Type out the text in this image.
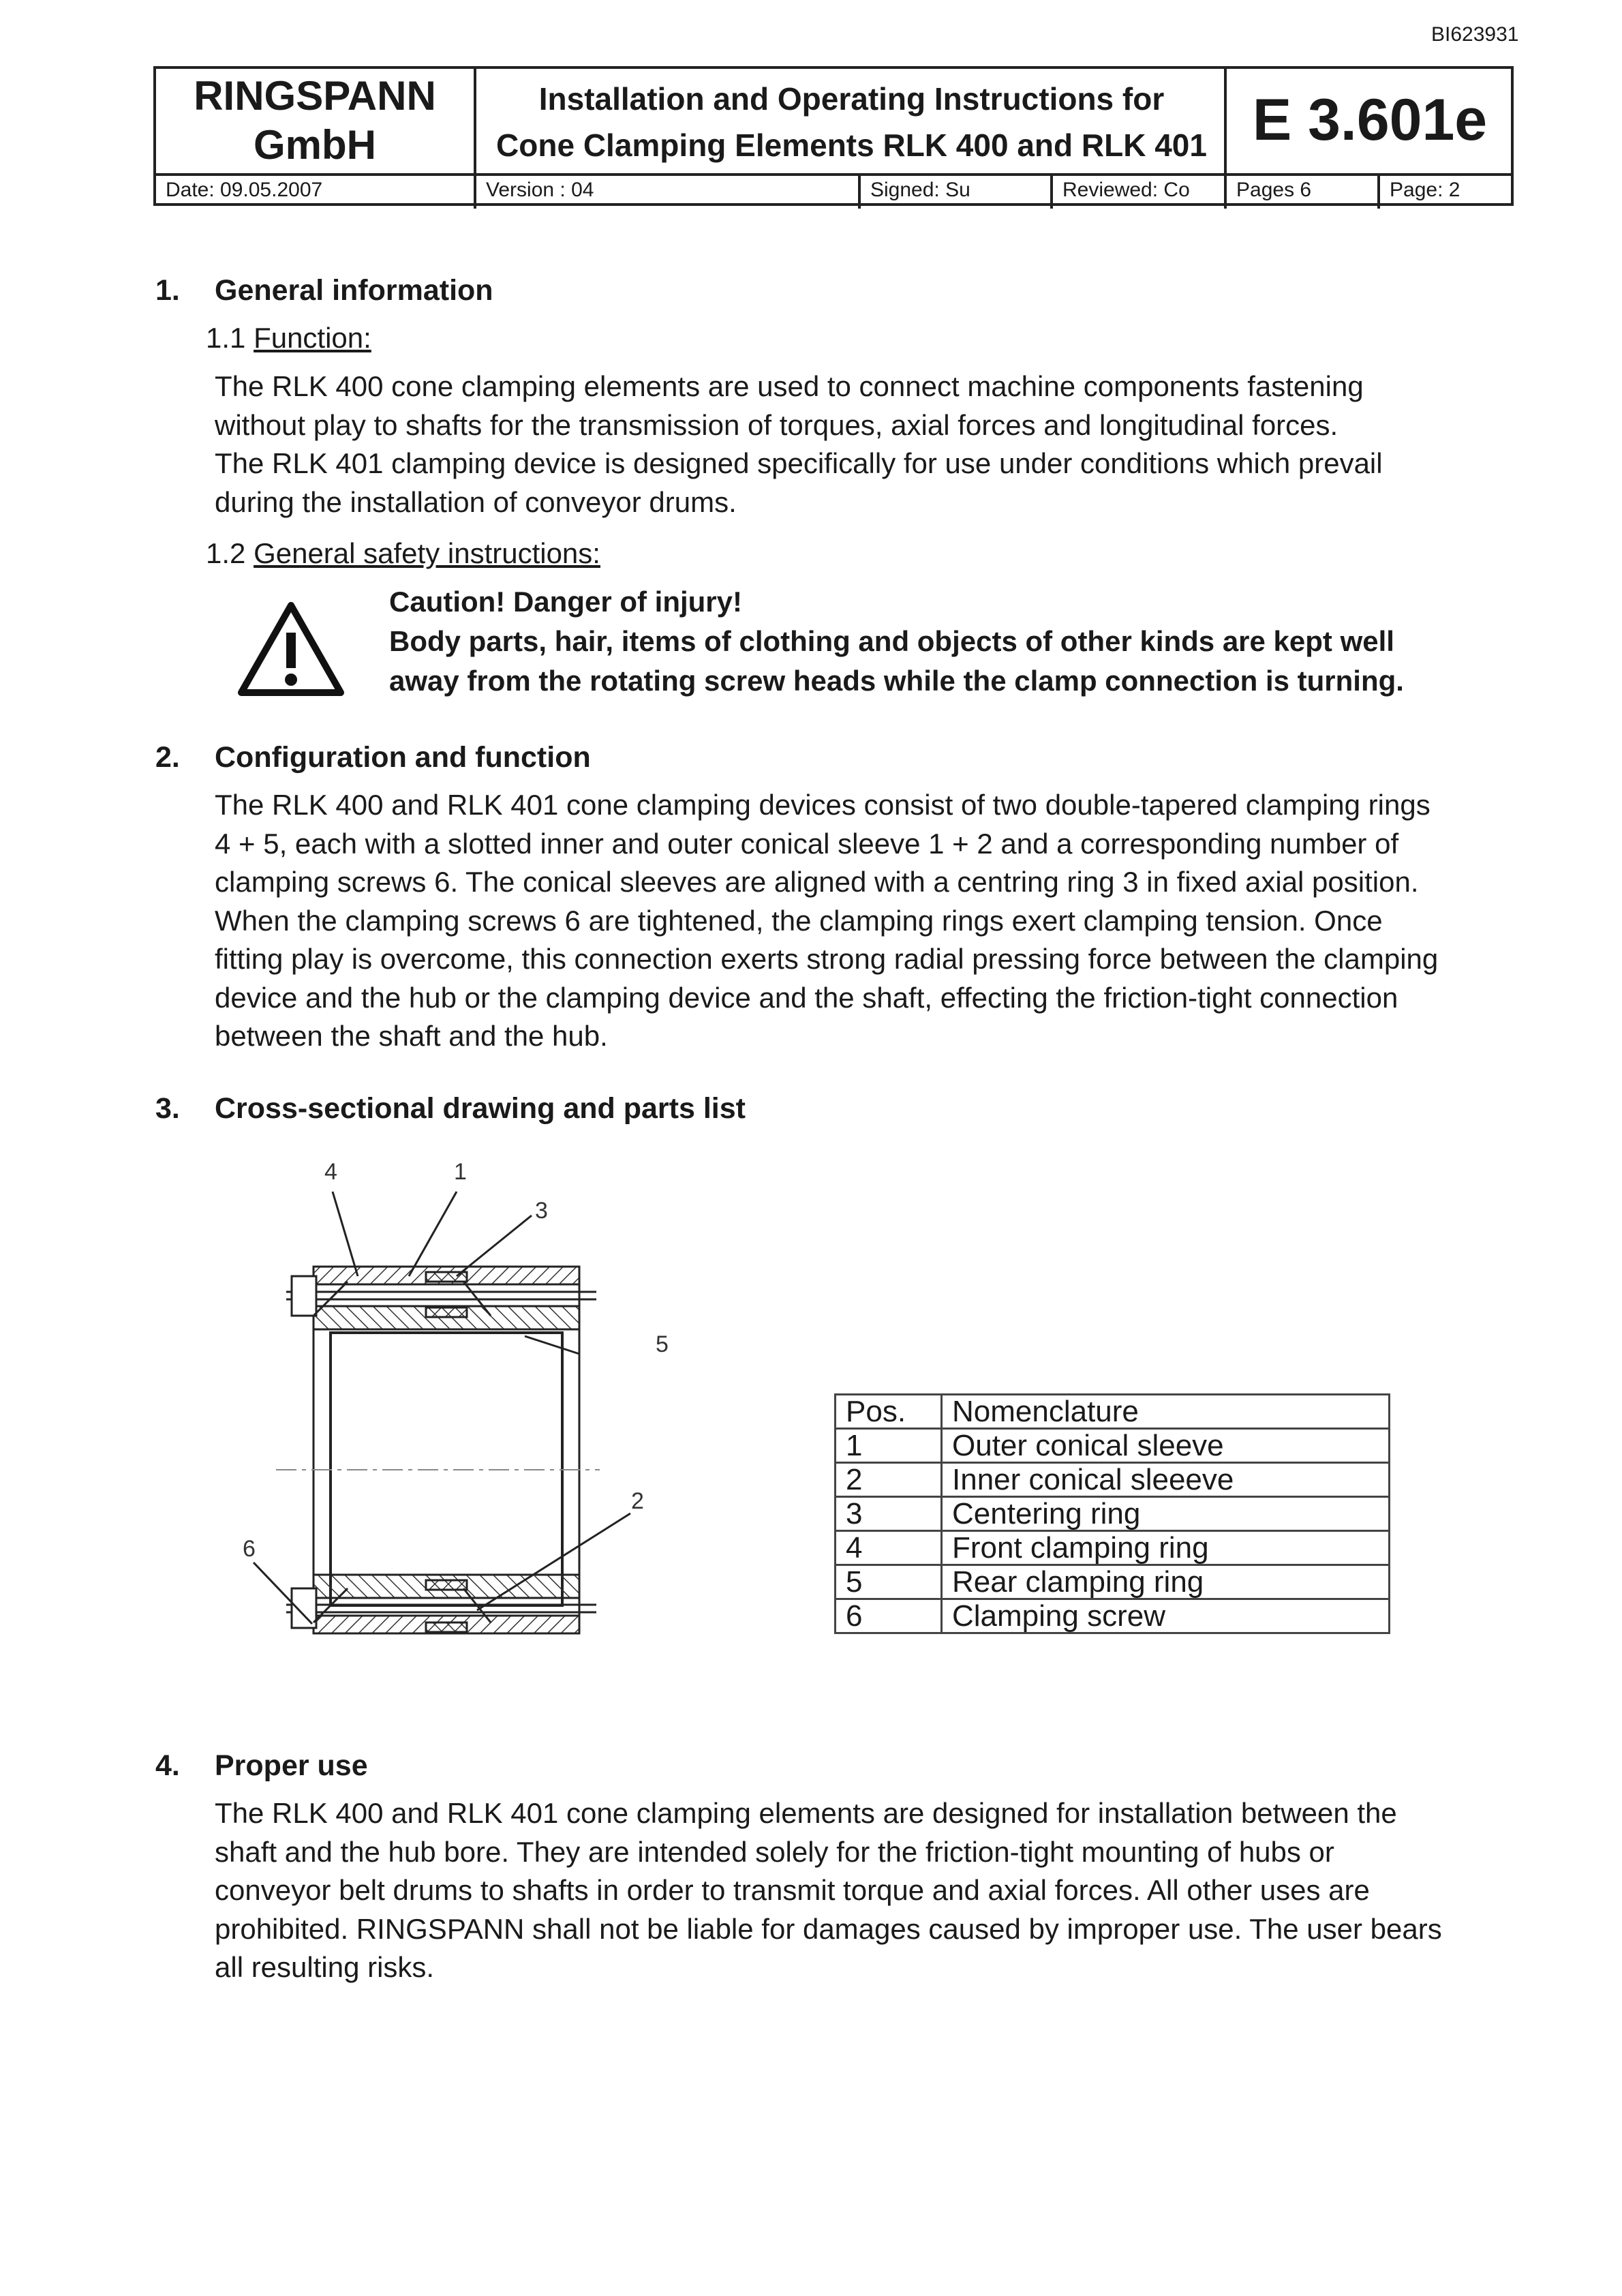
BI623931
RINGSPANN GmbH
Installation and Operating Instructions for
Cone Clamping Elements RLK 400 and RLK 401 E 3.601e
Date: 09.05.2007	Version : 04	Signed: Su	Reviewed: Co	Pages 6	Page: 2
1. General information
1.1 Function:
The RLK 400 cone clamping elements are used to connect machine components fastening
without play to shafts for the transmission of torques, axial forces and longitudinal forces.
The RLK 401 clamping device is designed specifically for use under conditions which prevail
during the installation of conveyor drums.
1.2 General safety instructions:
Caution! Danger of injury!
Body parts, hair, items of clothing and objects of other kinds are kept well
away from the rotating screw heads while the clamp connection is turning.
2. Configuration and function
The RLK 400 and RLK 401 cone clamping devices consist of two double-tapered clamping rings
4 + 5, each with a slotted inner and outer conical sleeve 1 + 2 and a corresponding number of
clamping screws 6. The conical sleeves are aligned with a centring ring 3 in fixed axial position.
When the clamping screws 6 are tightened, the clamping rings exert clamping tension. Once
fitting play is overcome, this connection exerts strong radial pressing force between the clamping
device and the hub or the clamping device and the shaft, effecting the friction-tight connection
between the shaft and the hub.
3. Cross-sectional drawing and parts list
4	1
3
5
2
6
Pos.	Nomenclature
1	Outer conical sleeve
2	Inner conical sleeeve
3	Centering ring
4	Front clamping ring
5	Rear clamping ring
6	Clamping screw
4. Proper use
The RLK 400 and RLK 401 cone clamping elements are designed for installation between the
shaft and the hub bore. They are intended solely for the friction-tight mounting of hubs or
conveyor belt drums to shafts in order to transmit torque and axial forces. All other uses are
prohibited. RINGSPANN shall not be liable for damages caused by improper use. The user bears
all resulting risks.
